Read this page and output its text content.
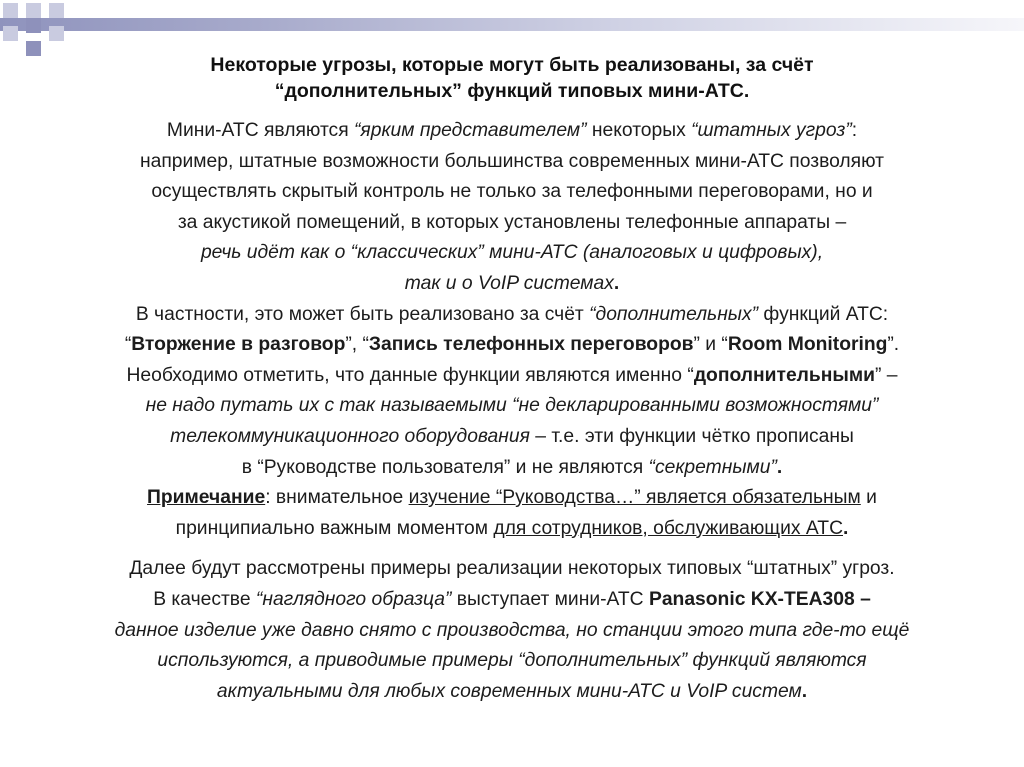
Некоторые угрозы, которые могут быть реализованы, за счёт
“дополнительных” функций типовых мини-АТС.

Мини-АТС являются “ярким представителем” некоторых “штатных угроз”:
например, штатные возможности большинства современных мини-АТС позволяют
осуществлять скрытый контроль не только за телефонными переговорами, но и
за акустикой помещений, в которых установлены телефонные аппараты –
речь идёт как о “классических” мини-АТС (аналоговых и цифровых),
так и о VoIP системах.

В частности, это может быть реализовано за счёт “дополнительных” функций АТС:
“Вторжение в разговор”, “Запись телефонных переговоров” и “Room Monitoring”.

Необходимо отметить, что данные функции являются именно “дополнительными” –
не надо путать их с так называемыми “не декларированными возможностями”
телекоммуникационного оборудования – т.е. эти функции чётко прописаны
в “Руководстве пользователя” и не являются “секретными”.

Примечание: внимательное изучение “Руководства…” является обязательным и
принципиально важным моментом для сотрудников, обслуживающих АТС.

Далее будут рассмотрены примеры реализации некоторых типовых “штатных” угроз.
В качестве “наглядного образца” выступает мини-АТС Panasonic KX-TEA308 –
данное изделие уже давно снято с производства, но станции этого типа где-то ещё
используются, а приводимые примеры “дополнительных” функций являются
актуальными для любых современных мини-АТС и VoIP систем.
